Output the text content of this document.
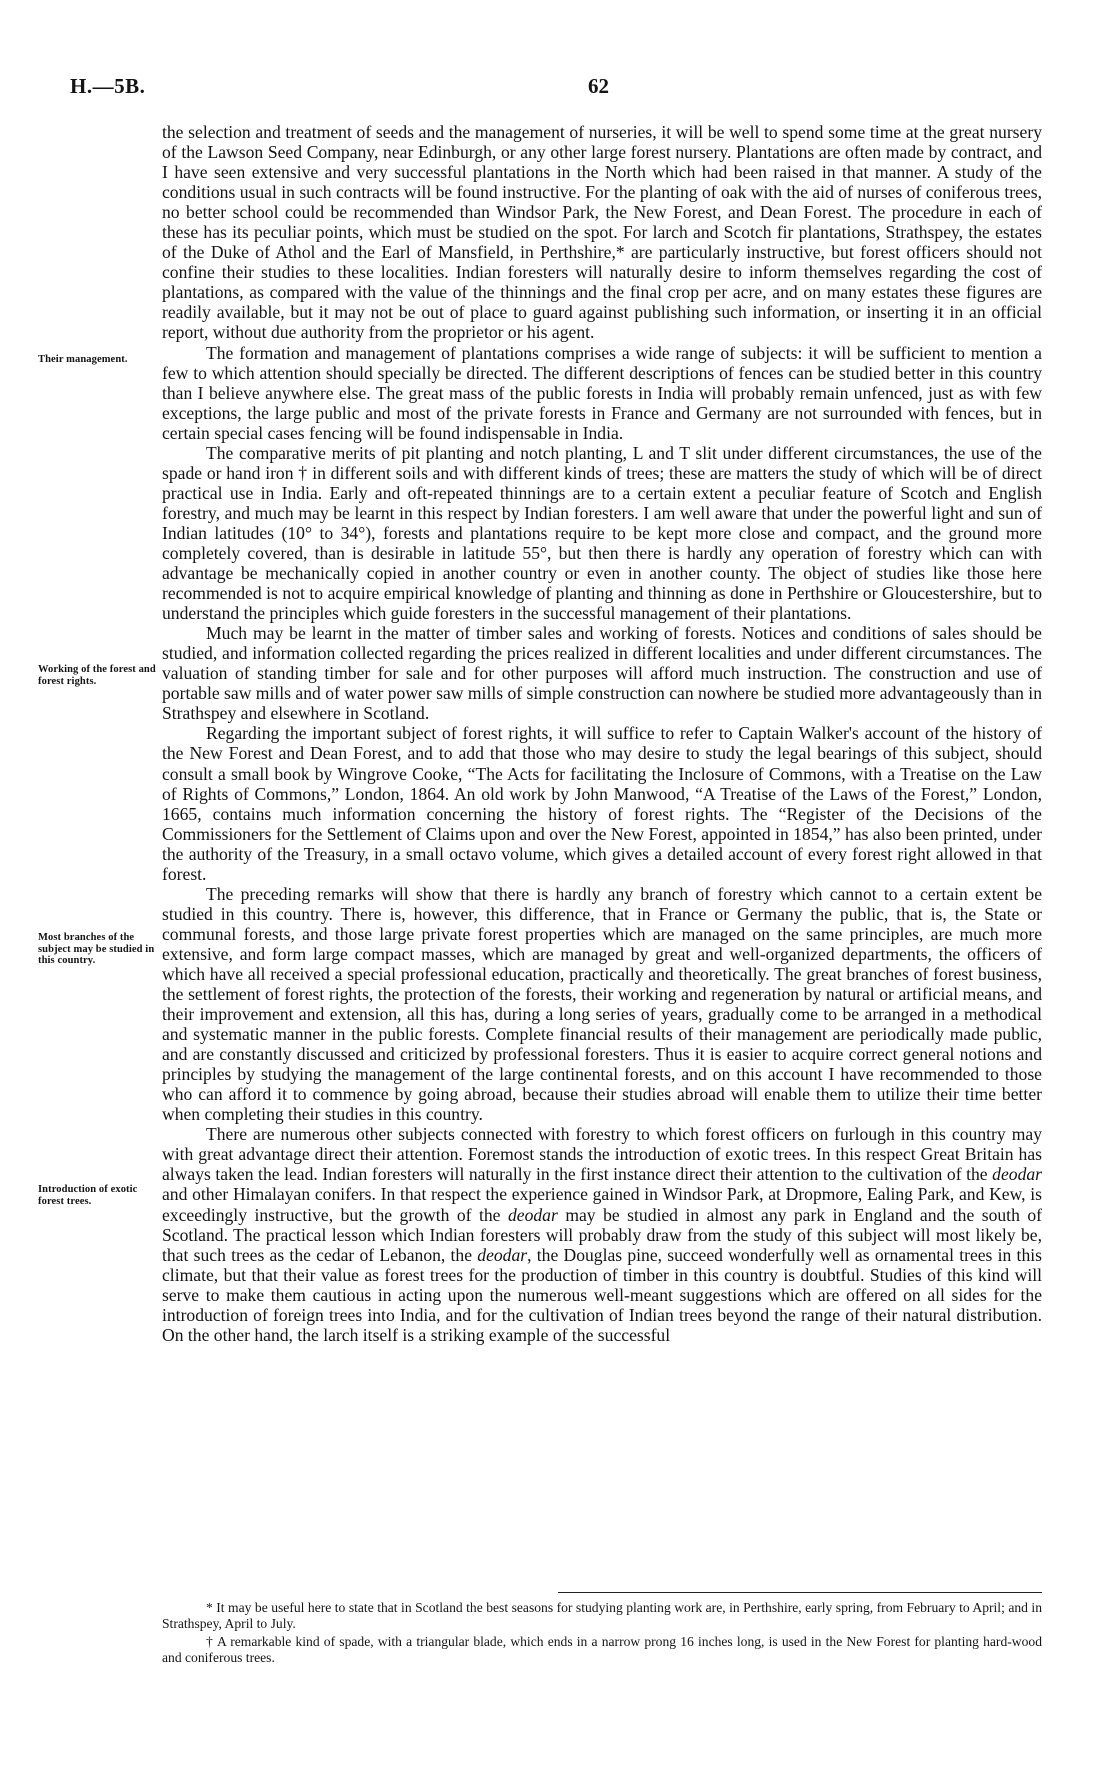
H.—5B.	62
Their management.
Working of the forest and forest rights.
Most branches of the subject may be studied in this country.
Introduction of exotic forest trees.

the selection and treatment of seeds and the management of nurseries, it will be well to spend some time at the great nursery of the Lawson Seed Company, near Edinburgh, or any other large forest nursery. Plantations are often made by contract, and I have seen extensive and very successful plantations in the North which had been raised in that manner. A study of the conditions usual in such contracts will be found instructive. For the planting of oak with the aid of nurses of coniferous trees, no better school could be recommended than Windsor Park, the New Forest, and Dean Forest. The procedure in each of these has its peculiar points, which must be studied on the spot. For larch and Scotch fir plantations, Strathspey, the estates of the Duke of Athol and the Earl of Mansfield, in Perthshire,* are particularly instructive, but forest officers should not confine their studies to these localities. Indian foresters will naturally desire to inform themselves regarding the cost of plantations, as compared with the value of the thinnings and the final crop per acre, and on many estates these figures are readily available, but it may not be out of place to guard against publishing such information, or inserting it in an official report, without due authority from the proprietor or his agent.

The formation and management of plantations comprises a wide range of subjects: it will be sufficient to mention a few to which attention should specially be directed. The different descriptions of fences can be studied better in this country than I believe anywhere else. The great mass of the public forests in India will probably remain unfenced, just as with few exceptions, the large public and most of the private forests in France and Germany are not surrounded with fences, but in certain special cases fencing will be found indispensable in India.

The comparative merits of pit planting and notch planting, L and T slit under different circumstances, the use of the spade or hand iron † in different soils and with different kinds of trees; these are matters the study of which will be of direct practical use in India. Early and oft-repeated thinnings are to a certain extent a peculiar feature of Scotch and English forestry, and much may be learnt in this respect by Indian foresters. I am well aware that under the powerful light and sun of Indian latitudes (10° to 34°), forests and plantations require to be kept more close and compact, and the ground more completely covered, than is desirable in latitude 55°, but then there is hardly any operation of forestry which can with advantage be mechanically copied in another country or even in another county. The object of studies like those here recommended is not to acquire empirical knowledge of planting and thinning as done in Perthshire or Gloucestershire, but to understand the principles which guide foresters in the successful management of their plantations.

Much may be learnt in the matter of timber sales and working of forests. Notices and conditions of sales should be studied, and information collected regarding the prices realized in different localities and under different circumstances. The valuation of standing timber for sale and for other purposes will afford much instruction. The construction and use of portable saw mills and of water power saw mills of simple construction can nowhere be studied more advantageously than in Strathspey and elsewhere in Scotland.

Regarding the important subject of forest rights, it will suffice to refer to Captain Walker's account of the history of the New Forest and Dean Forest, and to add that those who may desire to study the legal bearings of this subject, should consult a small book by Wingrove Cooke, “The Acts for facilitating the Inclosure of Commons, with a Treatise on the Law of Rights of Commons,” London, 1864. An old work by John Manwood, “A Treatise of the Laws of the Forest,” London, 1665, contains much information concerning the history of forest rights. The “Register of the Decisions of the Commissioners for the Settlement of Claims upon and over the New Forest, appointed in 1854,” has also been printed, under the authority of the Treasury, in a small octavo volume, which gives a detailed account of every forest right allowed in that forest.

The preceding remarks will show that there is hardly any branch of forestry which cannot to a certain extent be studied in this country. There is, however, this difference, that in France or Germany the public, that is, the State or communal forests, and those large private forest properties which are managed on the same principles, are much more extensive, and form large compact masses, which are managed by great and well-organized departments, the officers of which have all received a special professional education, practically and theoretically. The great branches of forest business, the settlement of forest rights, the protection of the forests, their working and regeneration by natural or artificial means, and their improvement and extension, all this has, during a long series of years, gradually come to be arranged in a methodical and systematic manner in the public forests. Complete financial results of their management are periodically made public, and are constantly discussed and criticized by professional foresters. Thus it is easier to acquire correct general notions and principles by studying the management of the large continental forests, and on this account I have recommended to those who can afford it to commence by going abroad, because their studies abroad will enable them to utilize their time better when completing their studies in this country.

There are numerous other subjects connected with forestry to which forest officers on furlough in this country may with great advantage direct their attention. Foremost stands the introduction of exotic trees. In this respect Great Britain has always taken the lead. Indian foresters will naturally in the first instance direct their attention to the cultivation of the deodar and other Himalayan conifers. In that respect the experience gained in Windsor Park, at Dropmore, Ealing Park, and Kew, is exceedingly instructive, but the growth of the deodar may be studied in almost any park in England and the south of Scotland. The practical lesson which Indian foresters will probably draw from the study of this subject will most likely be, that such trees as the cedar of Lebanon, the deodar, the Douglas pine, succeed wonderfully well as ornamental trees in this climate, but that their value as forest trees for the production of timber in this country is doubtful. Studies of this kind will serve to make them cautious in acting upon the numerous well-meant suggestions which are offered on all sides for the introduction of foreign trees into India, and for the cultivation of Indian trees beyond the range of their natural distribution. On the other hand, the larch itself is a striking example of the successful

* It may be useful here to state that in Scotland the best seasons for studying planting work are, in Perthshire, early spring, from February to April; and in Strathspey, April to July.
† A remarkable kind of spade, with a triangular blade, which ends in a narrow prong 16 inches long, is used in the New Forest for planting hard-wood and coniferous trees.
